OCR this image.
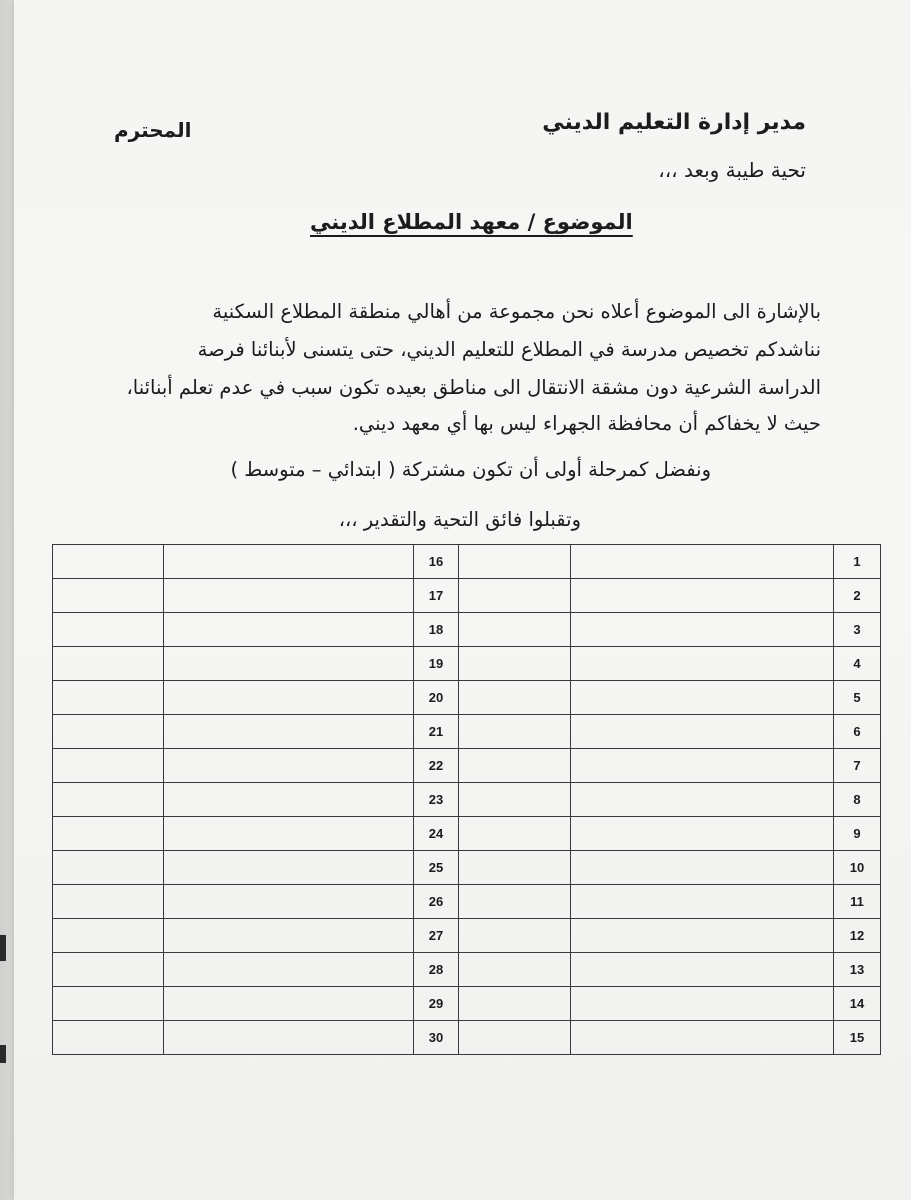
مدير إدارة التعليم الديني
المحترم
تحية طيبة وبعد ،،،
الموضوع / معهد المطلاع الديني
بالإشارة الى الموضوع أعلاه نحن مجموعة من أهالي منطقة المطلاع السكنية
نناشدكم تخصيص مدرسة في المطلاع للتعليم الديني، حتى يتسنى لأبنائنا فرصة
الدراسة الشرعية دون مشقة الانتقال الى مناطق بعيده تكون سبب في عدم تعلم أبنائنا،
حيث لا يخفاكم أن محافظة الجهراء ليس بها أي معهد ديني.
ونفضل كمرحلة أولى أن تكون مشتركة ( ابتدائي – متوسط )
وتقبلوا فائق التحية والتقدير ،،،
		16			1
		17			2
		18			3
		19			4
		20			5
		21			6
		22			7
		23			8
		24			9
		25			10
		26			11
		27			12
		28			13
		29			14
		30			15
